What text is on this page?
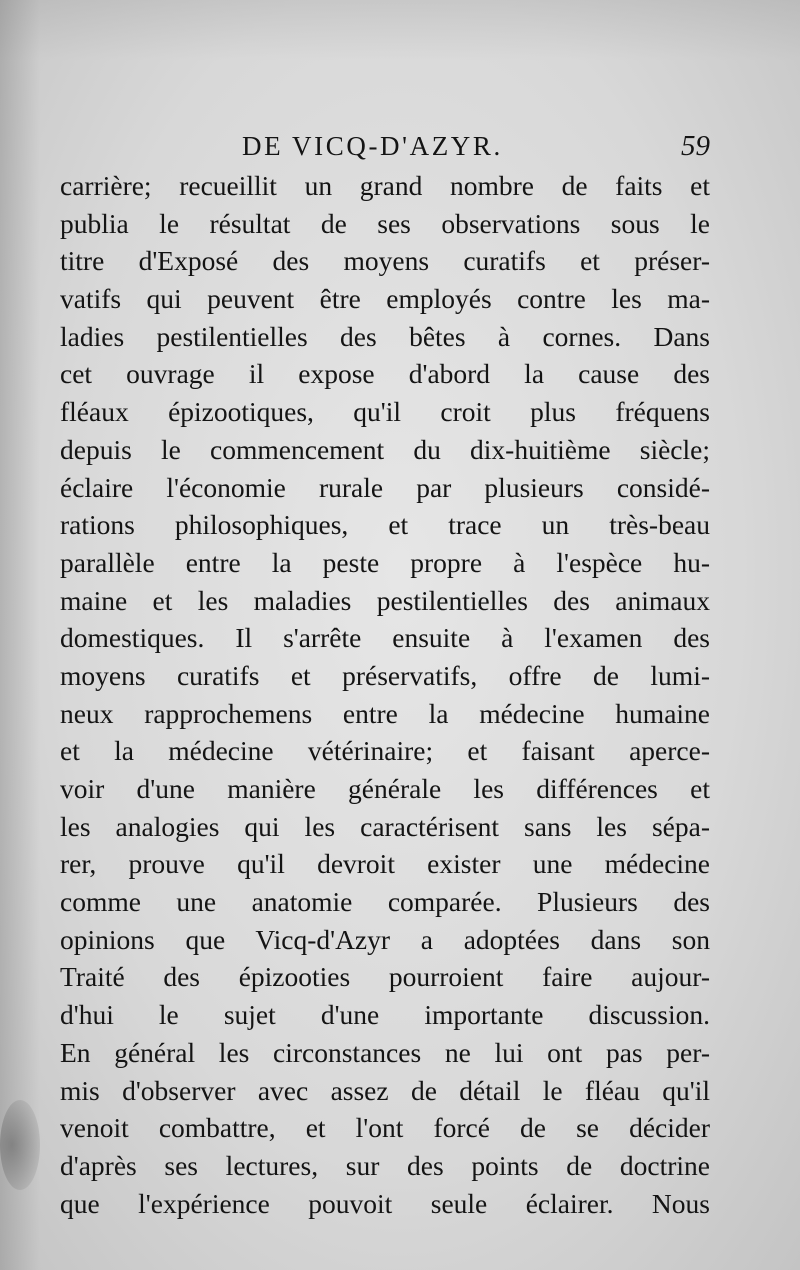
DE VICQ-D'AZYR.	59
carrière; recueillit un grand nombre de faits et
publia le résultat de ses observations sous le
titre d'Exposé des moyens curatifs et préser-
vatifs qui peuvent être employés contre les ma-
ladies pestilentielles des bêtes à cornes. Dans
cet ouvrage il expose d'abord la cause des
fléaux épizootiques, qu'il croit plus fréquens
depuis le commencement du dix-huitième siècle;
éclaire l'économie rurale par plusieurs considé-
rations philosophiques, et trace un très-beau
parallèle entre la peste propre à l'espèce hu-
maine et les maladies pestilentielles des animaux
domestiques. Il s'arrête ensuite à l'examen des
moyens curatifs et préservatifs, offre de lumi-
neux rapprochemens entre la médecine humaine
et la médecine vétérinaire; et faisant aperce-
voir d'une manière générale les différences et
les analogies qui les caractérisent sans les sépa-
rer, prouve qu'il devroit exister une médecine
comme une anatomie comparée. Plusieurs des
opinions que Vicq-d'Azyr a adoptées dans son
Traité des épizooties pourroient faire aujour-
d'hui le sujet d'une importante discussion.
En général les circonstances ne lui ont pas per-
mis d'observer avec assez de détail le fléau qu'il
venoit combattre, et l'ont forcé de se décider
d'après ses lectures, sur des points de doctrine
que l'expérience pouvoit seule éclairer. Nous
